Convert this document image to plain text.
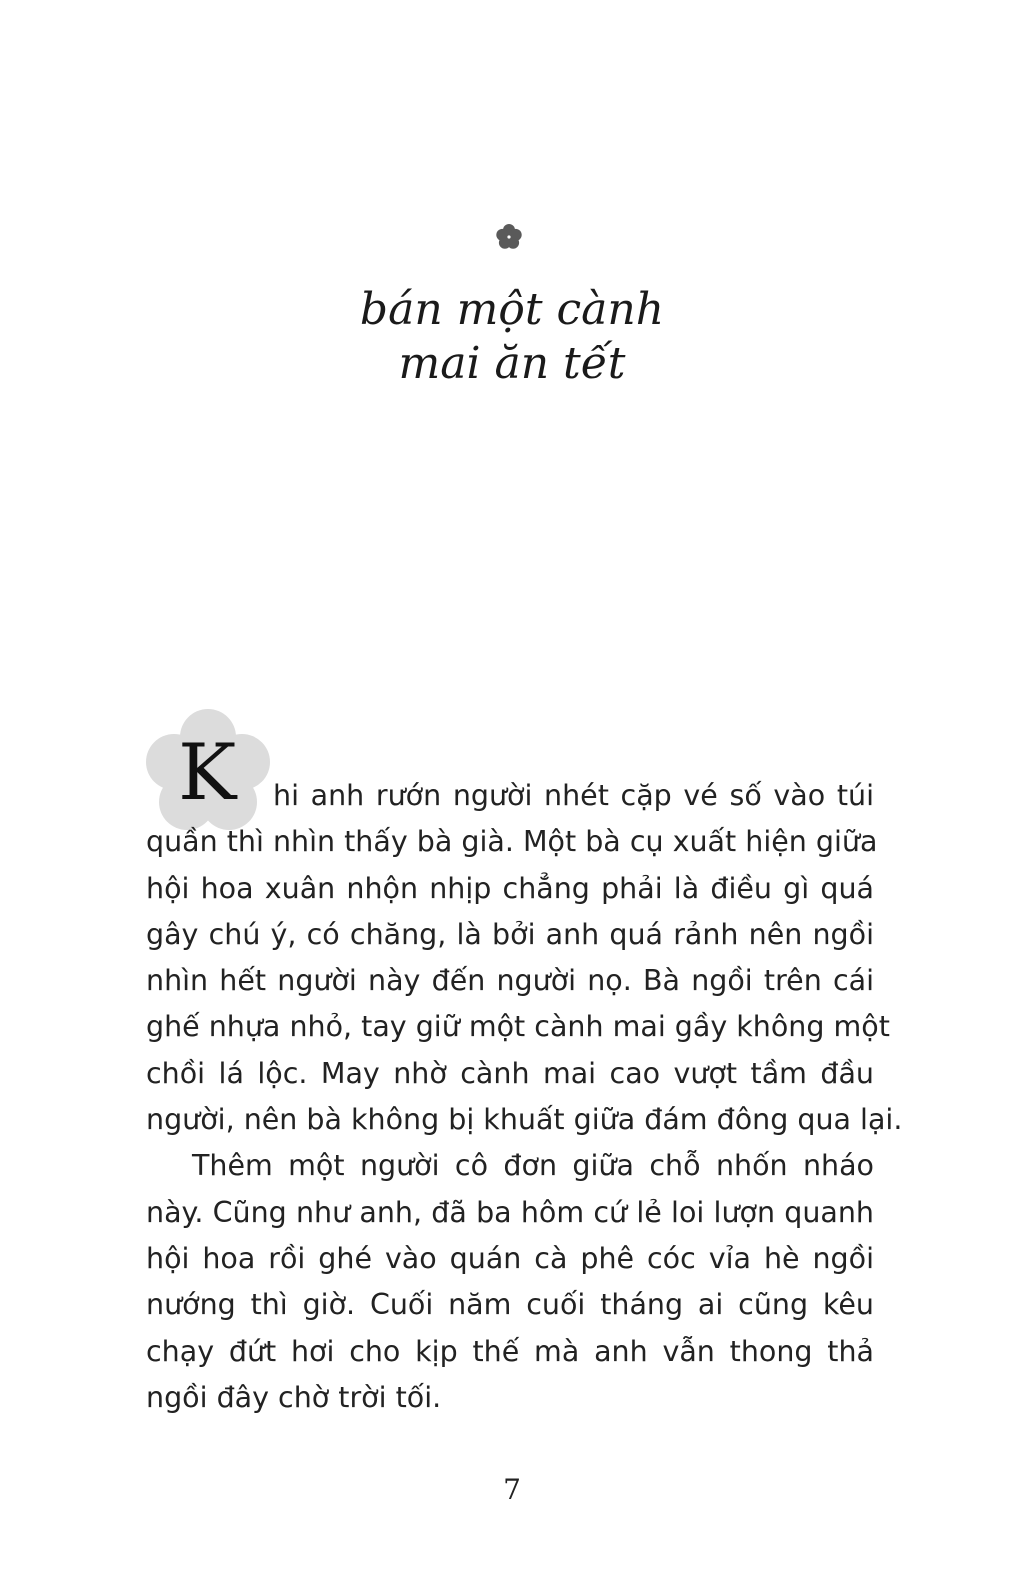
bán một cành
mai ăn tết
K	hi anh rướn người nhét cặp vé số vào túi
quần thì nhìn thấy bà già. Một bà cụ xuất hiện giữa
hội hoa xuân nhộn nhịp chẳng phải là điều gì quá
gây chú ý, có chăng, là bởi anh quá rảnh nên ngồi
nhìn hết người này đến người nọ. Bà ngồi trên cái
ghế nhựa nhỏ, tay giữ một cành mai gầy không một
chồi lá lộc. May nhờ cành mai cao vượt tầm đầu
người, nên bà không bị khuất giữa đám đông qua lại.
Thêm một người cô đơn giữa chỗ nhốn nháo
này. Cũng như anh, đã ba hôm cứ lẻ loi lượn quanh
hội hoa rồi ghé vào quán cà phê cóc vỉa hè ngồi
nướng thì giờ. Cuối năm cuối tháng ai cũng kêu
chạy đứt hơi cho kịp thế mà anh vẫn thong thả
ngồi đây chờ trời tối.
7
